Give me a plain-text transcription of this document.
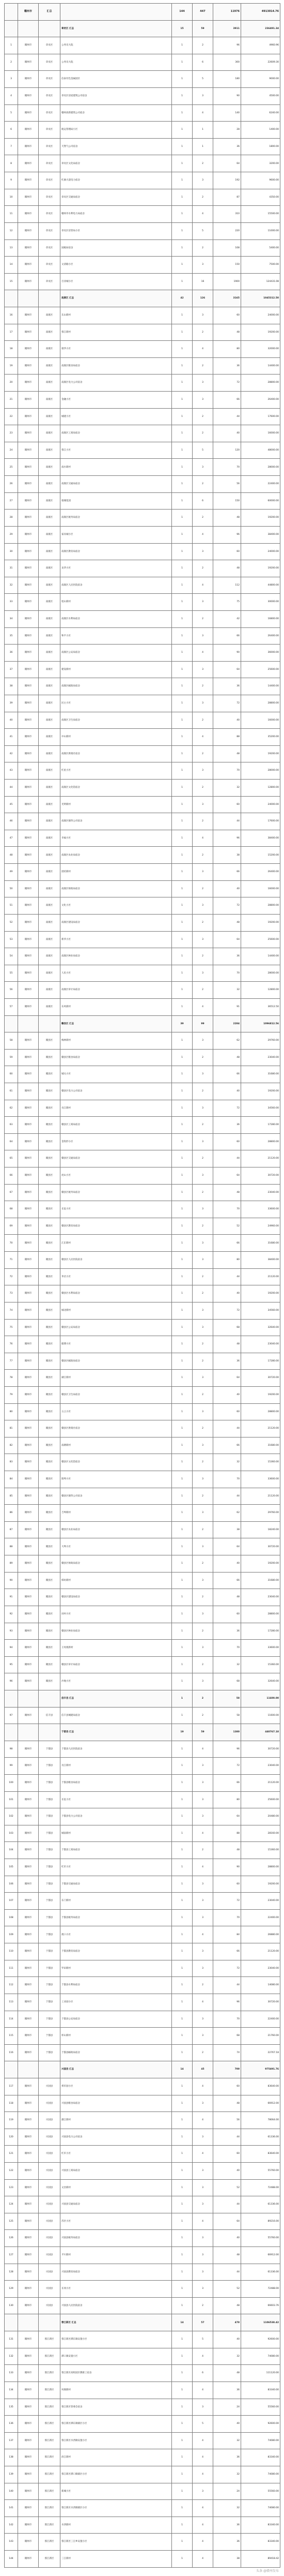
	赣州市	汇总		144	447	11976	4913014.76
			章贡区 汇总	15	59	3911	236491.34
1	赣州市	章贡区	公务员大院	1	2	96	4960.96
2	赣州市	章贡区	公务员大院	1	6	300	22609.30
3	赣州市	章贡区	信泰有色金属园区	1	5	180	9000.00
4	赣州市	章贡区	章贡区房屋建筑公司宿舍	1	3	90	4500.00
5	赣州市	章贡区	赣州高新建筑公司宿舍	1	4	140	6240.00
6	赣州市	章贡区	航运管理局小区	1	1	28	1400.00
7	赣州市	章贡区	天然气公司宿舍	1	1	36	1800.00
8	赣州市	章贡区	章贡区文化局宿舍	1	2	64	3200.00
9	赣州市	章贡区	红旗大道电力宿舍	1	3	192	9600.00
10	赣州市	章贡区	章贡区交通局宿舍	1	2	87	4350.00
11	赣州市	章贡区	赣州市水利电力局宿舍	1	4	310	15500.00
12	赣州市	章贡区	章贡区房管局小区	1	5	220	11000.00
13	赣州市	章贡区	国税局宿舍	1	2	108	5400.00
14	赣州市	章贡区	文清路小区	1	3	150	7500.00
15	赣州市	章贡区	百业城小区	1	16	1900	124431.08
			南康区 汇总	42	126	3165	1045312.50
16	赣州市	南康区	东山新村	1	3	60	24000.00
17	赣州市	南康区	蓉江新村	1	2	48	19200.00
18	赣州市	南康区	康华小区	1	4	80	32000.00
19	赣州市	南康区	南康区粮食局宿舍	1	2	36	14400.00
20	赣州市	南康区	南康区电力公司宿舍	1	3	72	28800.00
21	赣州市	南康区	金融小区	1	3	66	26400.00
22	赣州市	南康区	城建小区	1	2	44	17600.00
23	赣州市	南康区	南康区工商局宿舍	1	2	40	16000.00
24	赣州市	南康区	蓉江小区	1	5	120	48000.00
25	赣州市	南康区	南水新村	1	3	70	28000.00
26	赣州市	南康区	南康区交通局宿舍	1	2	56	22400.00
27	赣州市	南康区	康城花园	1	6	150	60000.00
28	赣州市	南康区	南康区税务局宿舍	1	2	48	19200.00
29	赣州市	南康区	家具城小区	1	4	96	38400.00
30	赣州市	南康区	南康区教育局宿舍	1	3	60	24000.00
31	赣州市	南康区	龙华小区	1	2	48	19200.00
32	赣州市	南康区	南康区人民医院宿舍	1	4	112	44800.00
33	赣州市	南康区	旭山新村	1	3	75	30000.00
34	赣州市	南康区	南康区水利局宿舍	1	2	42	16800.00
35	赣州市	南康区	和平小区	1	3	66	26400.00
36	赣州市	南康区	南康区公安局宿舍	1	4	90	36000.00
37	赣州市	南康区	建设新村	1	3	64	25600.00
38	赣州市	南康区	南康区邮政局宿舍	1	2	36	14400.00
39	赣州市	南康区	民主小区	1	3	72	28800.00
40	赣州市	南康区	南康区卫生局宿舍	1	2	40	16000.00
41	赣州市	南康区	中山新村	1	4	88	35200.00
42	赣州市	南康区	南康区供销社宿舍	1	2	48	19200.00
43	赣州市	南康区	红星小区	1	3	70	28000.00
44	赣州市	南康区	南康区文化馆宿舍	1	2	32	12800.00
45	赣州市	南康区	光明新村	1	3	60	24000.00
46	赣州市	南康区	南康区烟草公司宿舍	1	2	44	17600.00
47	赣州市	南康区	幸福小区	1	4	96	38400.00
48	赣州市	南康区	南康区农业局宿舍	1	2	38	15200.00
49	赣州市	南康区	团结新村	1	3	66	26400.00
50	赣州市	南康区	南康区财政局宿舍	1	2	40	16000.00
51	赣州市	南康区	文化小区	1	3	72	28800.00
52	赣州市	南康区	南康区建设局宿舍	1	2	48	19200.00
53	赣州市	南康区	新华小区	1	3	64	25600.00
54	赣州市	南康区	南康区林业局宿舍	1	2	36	14400.00
55	赣州市	南康区	人民小区	1	3	70	28000.00
56	赣州市	南康区	南康区审计局宿舍	1	2	32	12800.00
57	赣州市	南康区	东风新村	1	4	91	36512.50
			赣县区 汇总	39	99	2284	1096812.56
58	赣州市	赣县区	梅林新村	1	3	62	29760.00
59	赣州市	赣县区	赣县区粮食局宿舍	1	2	48	23040.00
60	赣州市	赣县区	城关小区	1	3	66	31680.00
61	赣州市	赣县区	赣县区电力公司宿舍	1	2	40	19200.00
62	赣州市	赣县区	贡江新村	1	3	72	34560.00
63	赣州市	赣县区	赣县区工商局宿舍	1	2	36	17280.00
64	赣州市	赣县区	金钩形小区	1	3	60	28800.00
65	赣州市	赣县区	赣县区交通局宿舍	1	2	44	21120.00
66	赣州市	赣县区	虎山小区	1	3	64	30720.00
67	赣州市	赣县区	赣县区税务局宿舍	1	2	48	23040.00
68	赣州市	赣县区	长征小区	1	3	70	33600.00
69	赣州市	赣县区	赣县区教育局宿舍	1	2	52	24960.00
70	赣州市	赣县区	江东新村	1	3	66	31680.00
71	赣州市	赣县区	赣县区人民医院宿舍	1	3	80	38400.00
72	赣州市	赣县区	茅店小区	1	2	44	21120.00
73	赣州市	赣县区	赣县区水利局宿舍	1	2	40	19200.00
74	赣州市	赣县区	城北新村	1	3	72	34560.00
75	赣州市	赣县区	赣县区公安局宿舍	1	3	68	32640.00
76	赣州市	赣县区	储潭小区	1	2	48	23040.00
77	赣州市	赣县区	赣县区邮政局宿舍	1	2	36	17280.00
78	赣州市	赣县区	湖江新村	1	3	64	30720.00
79	赣州市	赣县区	赣县区卫生局宿舍	1	2	40	19200.00
80	赣州市	赣县区	五云小区	1	3	60	28800.00
81	赣州市	赣县区	赣县区供销社宿舍	1	2	44	21120.00
82	赣州市	赣县区	南塘新村	1	3	66	31680.00
83	赣州市	赣县区	赣县区文化馆宿舍	1	2	32	15360.00
84	赣州市	赣县区	阳埠小区	1	3	70	33600.00
85	赣州市	赣县区	赣县区烟草公司宿舍	1	2	44	21120.00
86	赣州市	赣县区	吉埠新村	1	3	62	29760.00
87	赣州市	赣县区	赣县区农业局宿舍	1	2	38	18240.00
88	赣州市	赣县区	大埠小区	1	3	64	30720.00
89	赣州市	赣县区	赣县区财政局宿舍	1	2	40	19200.00
90	赣州市	赣县区	韩坊新村	1	3	66	31680.00
91	赣州市	赣县区	赣县区建设局宿舍	1	2	48	23040.00
92	赣州市	赣县区	田村小区	1	3	60	28800.00
93	赣州市	赣县区	赣县区林业局宿舍	1	2	36	17280.00
94	赣州市	赣县区	王母渡新村	1	3	70	33600.00
95	赣州市	赣县区	赣县区审计局宿舍	1	2	32	15360.00
96	赣州市	赣县区	沙地小区	1	3	68	32640.00
			信丰县 汇总	1	2	58	11600.00
97	赣州市	信丰县	信丰县城建局宿舍	1	2	58	11600.00
			于都县 汇总	19	59	1380	440767.18
98	赣州市	于都县	于都县人民医院宿舍	1	4	96	30720.00
99	赣州市	于都县	贡江新村	1	3	72	23040.00
100	赣州市	于都县	于都县粮食局宿舍	1	3	66	21120.00
101	赣州市	于都县	长征小区	1	3	80	25600.00
102	赣州市	于都县	于都县电力公司宿舍	1	3	64	20480.00
103	赣州市	于都县	城南新村	1	4	88	28160.00
104	赣州市	于都县	于都县工商局宿舍	1	2	48	15360.00
105	赣州市	于都县	红军小区	1	4	90	28800.00
106	赣州市	于都县	于都县交通局宿舍	1	3	60	19200.00
107	赣州市	于都县	东门新村	1	3	72	23040.00
108	赣州市	于都县	于都县税务局宿舍	1	3	70	22400.00
109	赣州市	于都县	渡口小区	1	4	84	26880.00
110	赣州市	于都县	于都县教育局宿舍	1	3	66	21120.00
111	赣州市	于都县	罗田新村	1	3	72	23040.00
112	赣州市	于都县	于都县水利局宿舍	1	2	44	14080.00
113	赣州市	于都县	工业园小区	1	4	96	30720.00
114	赣州市	于都县	于都县公安局宿舍	1	3	70	22400.00
115	赣州市	于都县	梓山新村	1	3	68	21760.00
116	赣州市	于都县	于都县邮政局宿舍	1	2	74	22767.18
			兴国县 汇总	14	45	700	975491.76
117	赣州市	兴国县	将军园小区	1	4	60	83640.00
118	赣州市	兴国县	兴国县粮食局宿舍	1	3	48	66912.00
119	赣州市	兴国县	潋江新村	1	4	56	78064.00
120	赣州市	兴国县	兴国县电力公司宿舍	1	3	44	61336.00
121	赣州市	兴国县	红军小区	1	4	60	83640.00
122	赣州市	兴国县	兴国县工商局宿舍	1	3	40	55760.00
123	赣州市	兴国县	文昌新村	1	3	52	72488.00
124	赣州市	兴国县	兴国县交通局宿舍	1	3	44	61336.00
125	赣州市	兴国县	苏区小区	1	4	64	89216.00
126	赣州市	兴国县	兴国县税务局宿舍	1	3	40	55760.00
127	赣州市	兴国县	平川新村	1	3	48	66912.00
128	赣州市	兴国县	兴国县教育局宿舍	1	3	44	61336.00
129	赣州市	兴国县	长冈小区	1	3	52	72488.00
130	赣州市	兴国县	兴国县人民医院宿舍	1	2	48	66603.76
			蓉江新区 汇总	14	57	478	1106538.42
131	赣州市	蓉江新区	蓉江新区潭东镇安置小区	1	5	40	92600.00
132	赣州市	蓉江新区	潭口镇安置小区	1	4	32	74080.00
133	赣州市	蓉江新区	蓉江新区高校园区教职工宿舍	1	6	48	111120.00
134	赣州市	蓉江新区	凤凰新村	1	4	36	83340.00
135	赣州市	蓉江新区	蓉江新区管委会宿舍	1	3	24	55560.00
136	赣州市	蓉江新区	蓉江新区潭东镇镇区小区	1	5	40	92600.00
137	赣州市	蓉江新区	蓉江新区水西镇安置小区	1	4	32	74080.00
138	赣州市	蓉江新区	滨江新村	1	4	36	83340.00
139	赣州市	蓉江新区	蓉江新区潭口镇镇区小区	1	4	32	74080.00
140	赣州市	蓉江新区	新城小区	1	3	24	55560.00
141	赣州市	蓉江新区	蓉江新区水西镇镇区小区	1	4	32	74080.00
142	赣州市	蓉江新区	水西新村	1	4	36	83340.00
143	赣州市	蓉江新区	蓉江新区三江乡安置小区	1	4	36	83340.00
144	赣州市	蓉江新区	三江新村	1	4	38	89418.42
头条 @赣州发布
